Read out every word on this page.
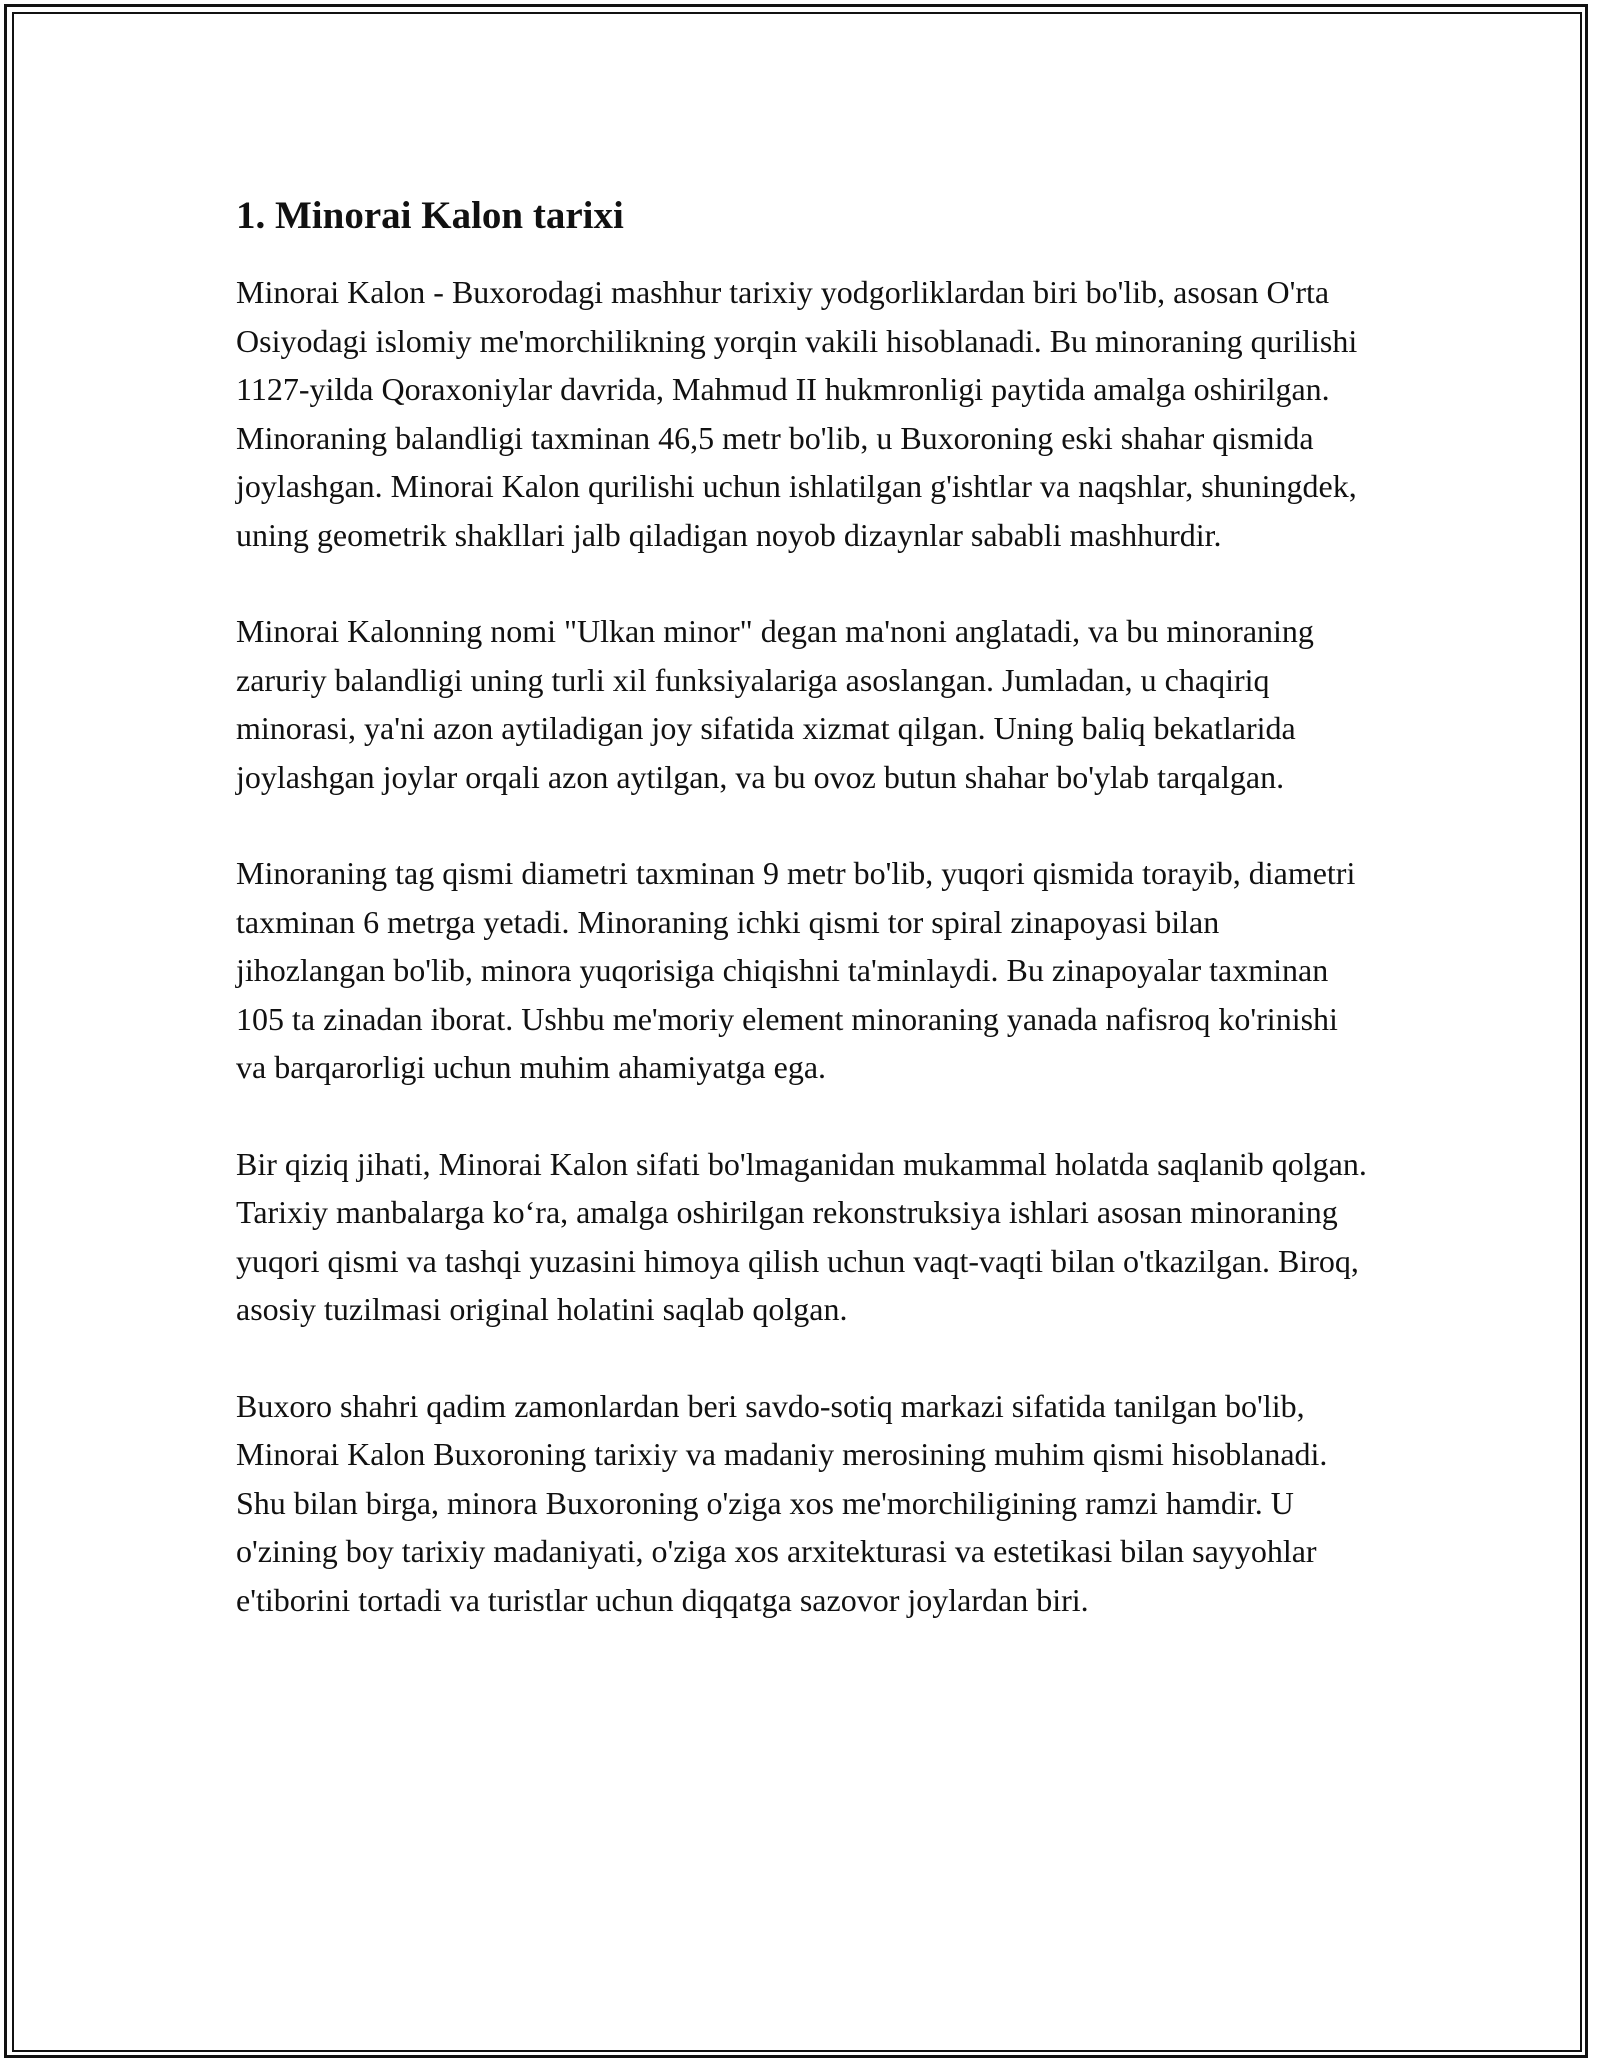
1. Minorai Kalon tarixi

Minorai Kalon - Buxorodagi mashhur tarixiy yodgorliklardan biri bo'lib, asosan O'rta Osiyodagi islomiy me'morchilikning yorqin vakili hisoblanadi. Bu minoraning qurilishi 1127-yilda Qoraxoniylar davrida, Mahmud II hukmronligi paytida amalga oshirilgan. Minoraning balandligi taxminan 46,5 metr bo'lib, u Buxoroning eski shahar qismida joylashgan. Minorai Kalon qurilishi uchun ishlatilgan g'ishtlar va naqshlar, shuningdek, uning geometrik shakllari jalb qiladigan noyob dizaynlar sababli mashhurdir.

Minorai Kalonning nomi "Ulkan minor" degan ma'noni anglatadi, va bu minoraning zaruriy balandligi uning turli xil funksiyalariga asoslangan. Jumladan, u chaqiriq minorasi, ya'ni azon aytiladigan joy sifatida xizmat qilgan. Uning baliq bekatlarida joylashgan joylar orqali azon aytilgan, va bu ovoz butun shahar bo'ylab tarqalgan.

Minoraning tag qismi diametri taxminan 9 metr bo'lib, yuqori qismida torayib, diametri taxminan 6 metrga yetadi. Minoraning ichki qismi tor spiral zinapoyasi bilan jihozlangan bo'lib, minora yuqorisiga chiqishni ta'minlaydi. Bu zinapoyalar taxminan 105 ta zinadan iborat. Ushbu me'moriy element minoraning yanada nafisroq ko'rinishi va barqarorligi uchun muhim ahamiyatga ega.

Bir qiziq jihati, Minorai Kalon sifati bo'lmaganidan mukammal holatda saqlanib qolgan. Tarixiy manbalarga ko‘ra, amalga oshirilgan rekonstruksiya ishlari asosan minoraning yuqori qismi va tashqi yuzasini himoya qilish uchun vaqt-vaqti bilan o'tkazilgan. Biroq, asosiy tuzilmasi original holatini saqlab qolgan.

Buxoro shahri qadim zamonlardan beri savdo-sotiq markazi sifatida tanilgan bo'lib, Minorai Kalon Buxoroning tarixiy va madaniy merosining muhim qismi hisoblanadi. Shu bilan birga, minora Buxoroning o'ziga xos me'morchiligining ramzi hamdir. U o'zining boy tarixiy madaniyati, o'ziga xos arxitekturasi va estetikasi bilan sayyohlar e'tiborini tortadi va turistlar uchun diqqatga sazovor joylardan biri.
